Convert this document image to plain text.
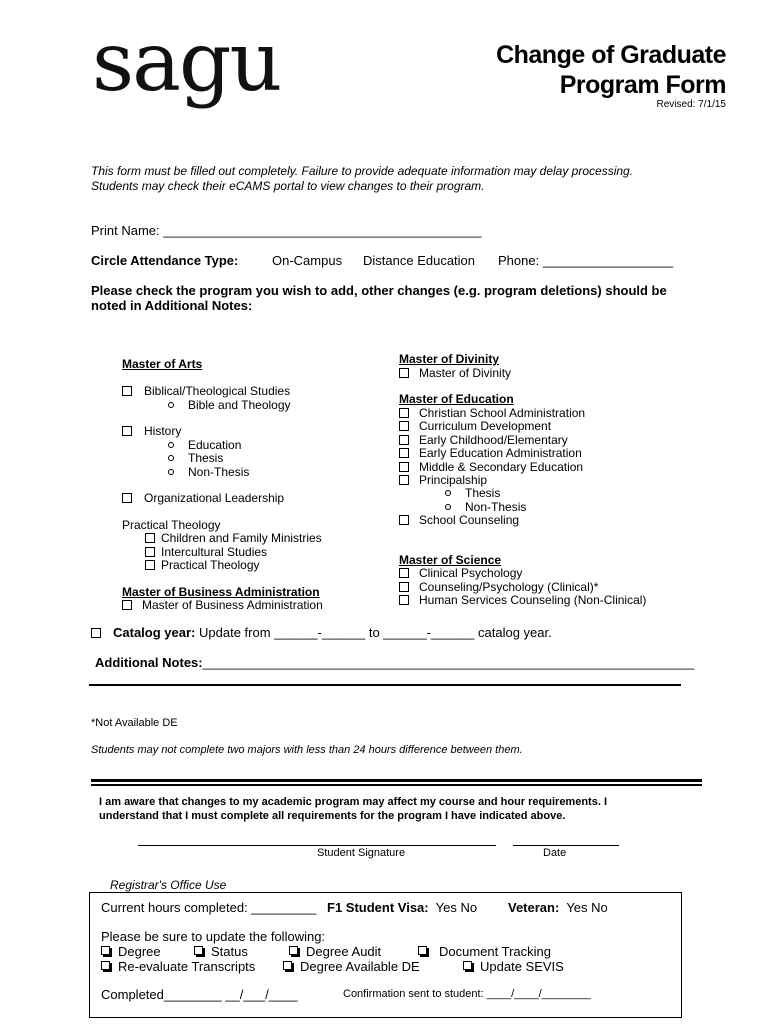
sagu	Change of Graduate
Program Form
Revised: 7/1/15
This form must be filled out completely. Failure to provide adequate information may delay processing.
Students may check their eCAMS portal to view changes to their program.
Print Name: ____________________________________________
Circle Attendance Type:	On-Campus Distance Education Phone: __________________
Please check the program you wish to add, other changes (e.g. program deletions) should be
noted in Additional Notes:
Master of Arts
Biblical/Theological Studies
Bible and Theology
History
Education
Thesis
Non-Thesis
Organizational Leadership
Practical Theology
Children and Family Ministries
Intercultural Studies
Practical Theology
Master of Business Administration
Master of Business Administration
Master of Divinity
Master of Divinity
Master of Education
Christian School Administration
Curriculum Development
Early Childhood/Elementary
Early Education Administration
Middle & Secondary Education
Principalship
Thesis
Non-Thesis
School Counseling
Master of Science
Clinical Psychology
Counseling/Psychology (Clinical)*
Human Services Counseling (Non-Clinical)
Catalog year: Update from ______-______ to ______-______ catalog year.
Additional Notes:____________________________________________________________________
*Not Available DE
Students may not complete two majors with less than 24 hours difference between them.
I am aware that changes to my academic program may affect my course and hour requirements. I
understand that I must complete all requirements for the program I have indicated above.
Student Signature	Date
Registrar's Office Use
Current hours completed: _________ F1 Student Visa: Yes No Veteran: Yes No
Please be sure to update the following:
Degree	Status	Degree Audit	Document Tracking
Re-evaluate Transcripts	Degree Available DE	Update SEVIS
Completed________ __/___/____	Confirmation sent to student: ____/____/________
